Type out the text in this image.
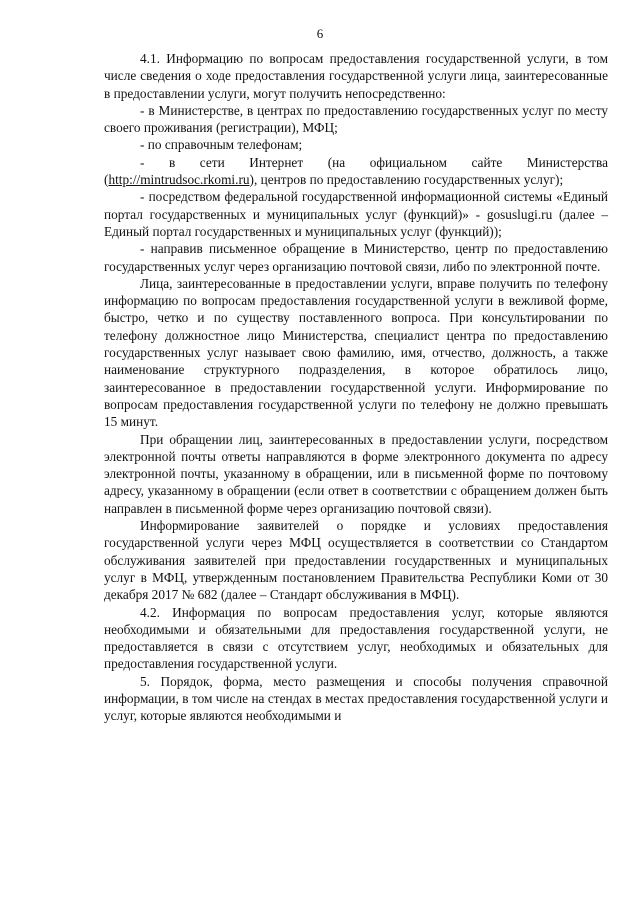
6

4.1. Информацию по вопросам предоставления государственной услуги, в том числе сведения о ходе предоставления государственной услуги лица, заинтересованные в предоставлении услуги, могут получить непосредственно:

- в Министерстве, в центрах по предоставлению государственных услуг по месту своего проживания (регистрации), МФЦ;

- по справочным телефонам;

- в сети Интернет (на официальном сайте Министерства (http://mintrudsoc.rkomi.ru), центров по предоставлению государственных услуг);

- посредством федеральной государственной информационной системы «Единый портал государственных и муниципальных услуг (функций)» - gosuslugi.ru (далее – Единый портал государственных и муниципальных услуг (функций));

- направив письменное обращение в Министерство, центр по предоставлению государственных услуг через организацию почтовой связи, либо по электронной почте.

Лица, заинтересованные в предоставлении услуги, вправе получить по телефону информацию по вопросам предоставления государственной услуги в вежливой форме, быстро, четко и по существу поставленного вопроса. При консультировании по телефону должностное лицо Министерства, специалист центра по предоставлению государственных услуг называет свою фамилию, имя, отчество, должность, а также наименование структурного подразделения, в которое обратилось лицо, заинтересованное в предоставлении государственной услуги. Информирование по вопросам предоставления государственной услуги по телефону не должно превышать 15 минут.

При обращении лиц, заинтересованных в предоставлении услуги, посредством электронной почты ответы направляются в форме электронного документа по адресу электронной почты, указанному в обращении, или в письменной форме по почтовому адресу, указанному в обращении (если ответ в соответствии с обращением должен быть направлен в письменной форме через организацию почтовой связи).

Информирование заявителей о порядке и условиях предоставления государственной услуги через МФЦ осуществляется в соответствии со Стандартом обслуживания заявителей при предоставлении государственных и муниципальных услуг в МФЦ, утвержденным постановлением Правительства Республики Коми от 30 декабря 2017 № 682 (далее – Стандарт обслуживания в МФЦ).

4.2. Информация по вопросам предоставления услуг, которые являются необходимыми и обязательными для предоставления государственной услуги, не предоставляется в связи с отсутствием услуг, необходимых и обязательных для предоставления государственной услуги.

5. Порядок, форма, место размещения и способы получения справочной информации, в том числе на стендах в местах предоставления государственной услуги и услуг, которые являются необходимыми и
